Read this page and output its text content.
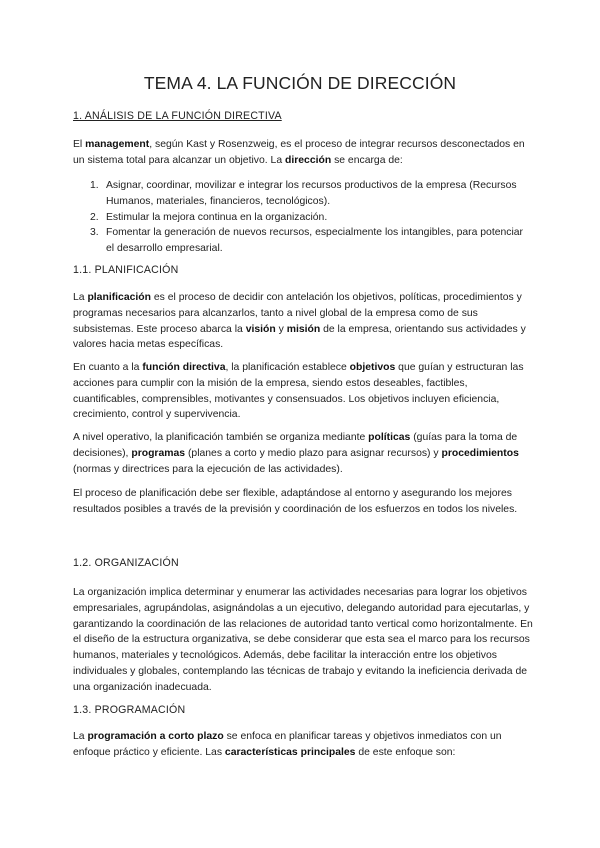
TEMA 4. LA FUNCIÓN DE DIRECCIÓN
1. ANÁLISIS DE LA FUNCIÓN DIRECTIVA
El management, según Kast y Rosenzweig, es el proceso de integrar recursos desconectados en un sistema total para alcanzar un objetivo. La dirección se encarga de:
1. Asignar, coordinar, movilizar e integrar los recursos productivos de la empresa (Recursos Humanos, materiales, financieros, tecnológicos).
2. Estimular la mejora continua en la organización.
3. Fomentar la generación de nuevos recursos, especialmente los intangibles, para potenciar el desarrollo empresarial.
1.1. PLANIFICACIÓN
La planificación es el proceso de decidir con antelación los objetivos, políticas, procedimientos y programas necesarios para alcanzarlos, tanto a nivel global de la empresa como de sus subsistemas. Este proceso abarca la visión y misión de la empresa, orientando sus actividades y valores hacia metas específicas.
En cuanto a la función directiva, la planificación establece objetivos que guían y estructuran las acciones para cumplir con la misión de la empresa, siendo estos deseables, factibles, cuantificables, comprensibles, motivantes y consensuados. Los objetivos incluyen eficiencia, crecimiento, control y supervivencia.
A nivel operativo, la planificación también se organiza mediante políticas (guías para la toma de decisiones), programas (planes a corto y medio plazo para asignar recursos) y procedimientos (normas y directrices para la ejecución de las actividades).
El proceso de planificación debe ser flexible, adaptándose al entorno y asegurando los mejores resultados posibles a través de la previsión y coordinación de los esfuerzos en todos los niveles.
1.2. ORGANIZACIÓN
La organización implica determinar y enumerar las actividades necesarias para lograr los objetivos empresariales, agrupándolas, asignándolas a un ejecutivo, delegando autoridad para ejecutarlas, y garantizando la coordinación de las relaciones de autoridad tanto vertical como horizontalmente. En el diseño de la estructura organizativa, se debe considerar que esta sea el marco para los recursos humanos, materiales y tecnológicos. Además, debe facilitar la interacción entre los objetivos individuales y globales, contemplando las técnicas de trabajo y evitando la ineficiencia derivada de una organización inadecuada.
1.3. PROGRAMACIÓN
La programación a corto plazo se enfoca en planificar tareas y objetivos inmediatos con un enfoque práctico y eficiente. Las características principales de este enfoque son:
